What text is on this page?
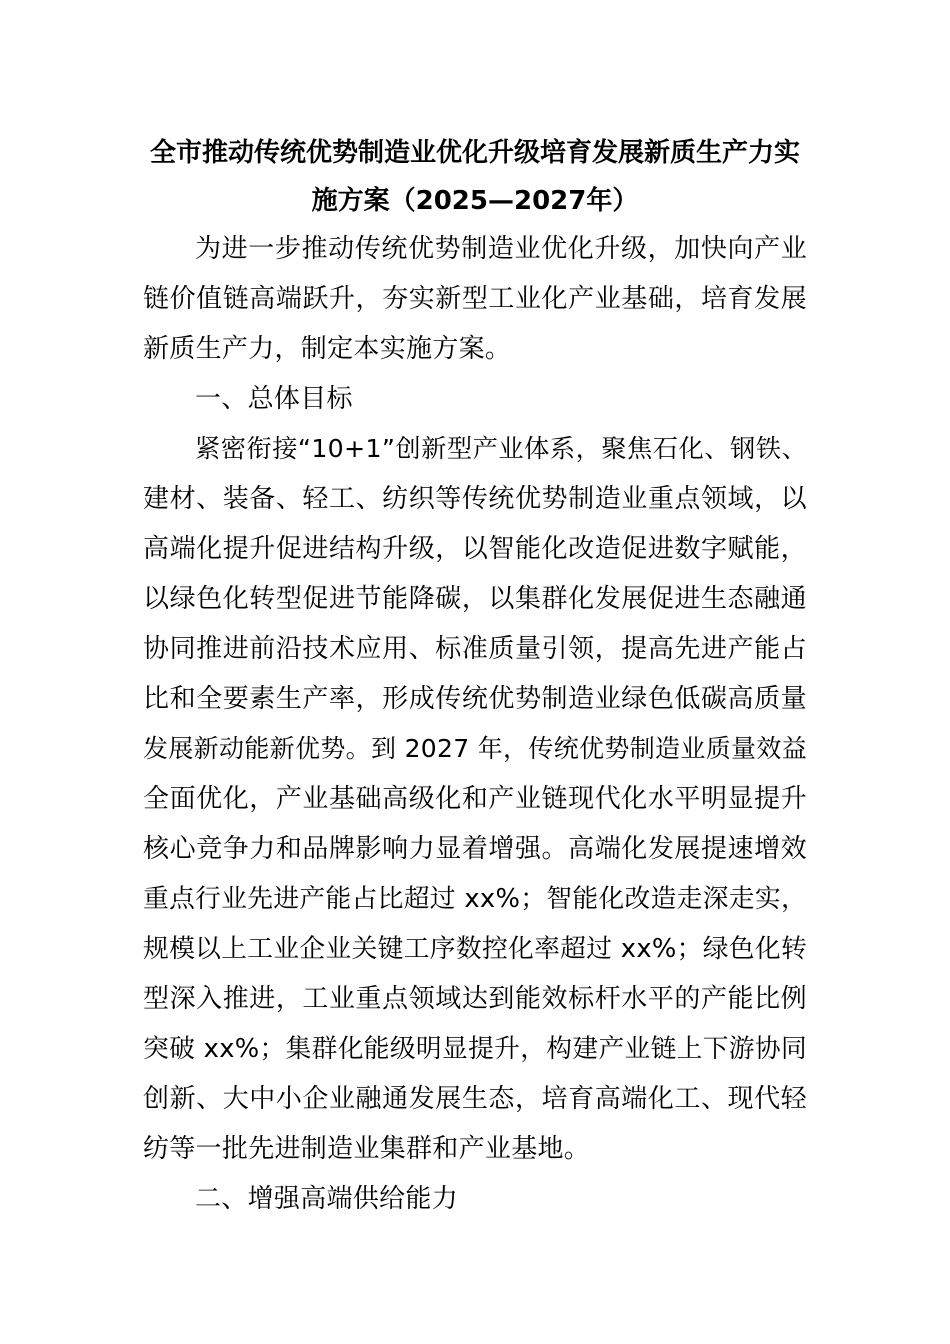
全市推动传统优势制造业优化升级培育发展新质生产力实
施方案（2025—2027年）
为进一步推动传统优势制造业优化升级，加快向产业
链价值链高端跃升，夯实新型工业化产业基础，培育发展
新质生产力，制定本实施方案。
一、总体目标
紧密衔接“10+1”创新型产业体系，聚焦石化、钢铁、
建材、装备、轻工、纺织等传统优势制造业重点领域，以
高端化提升促进结构升级，以智能化改造促进数字赋能，
以绿色化转型促进节能降碳，以集群化发展促进生态融通
协同推进前沿技术应用、标准质量引领，提高先进产能占
比和全要素生产率，形成传统优势制造业绿色低碳高质量
发展新动能新优势。到 2027 年，传统优势制造业质量效益
全面优化，产业基础高级化和产业链现代化水平明显提升
核心竞争力和品牌影响力显着增强。高端化发展提速增效
重点行业先进产能占比超过 xx%；智能化改造走深走实，
规模以上工业企业关键工序数控化率超过 xx%；绿色化转
型深入推进，工业重点领域达到能效标杆水平的产能比例
突破 xx%；集群化能级明显提升，构建产业链上下游协同
创新、大中小企业融通发展生态，培育高端化工、现代轻
纺等一批先进制造业集群和产业基地。
二、增强高端供给能力
